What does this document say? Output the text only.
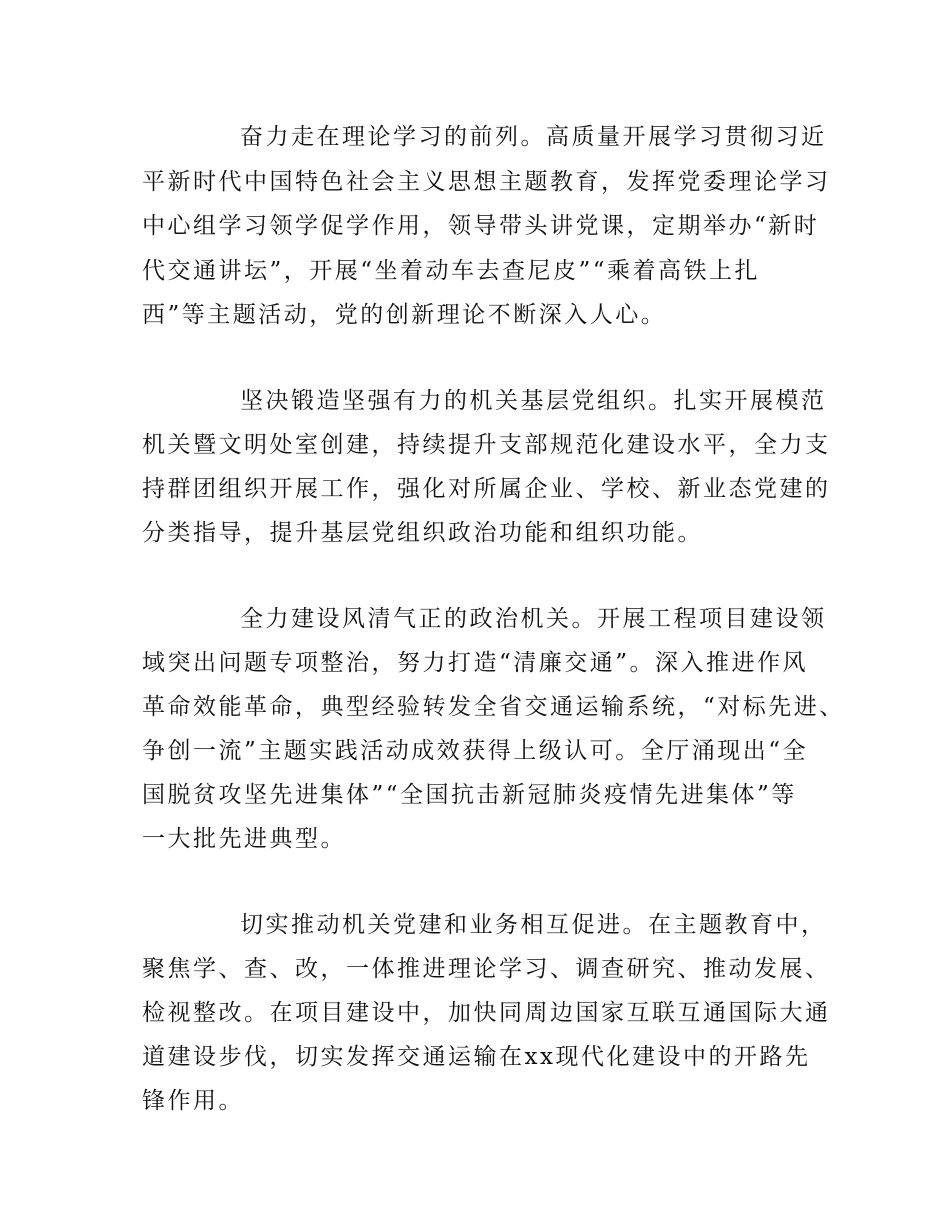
奋力走在理论学习的前列。高质量开展学习贯彻习近
平新时代中国特色社会主义思想主题教育，发挥党委理论学习
中心组学习领学促学作用，领导带头讲党课，定期举办“新时
代交通讲坛”，开展“坐着动车去查尼皮”“乘着高铁上扎
西”等主题活动，党的创新理论不断深入人心。
坚决锻造坚强有力的机关基层党组织。扎实开展模范
机关暨文明处室创建，持续提升支部规范化建设水平，全力支
持群团组织开展工作，强化对所属企业、学校、新业态党建的
分类指导，提升基层党组织政治功能和组织功能。
全力建设风清气正的政治机关。开展工程项目建设领
域突出问题专项整治，努力打造“清廉交通”。深入推进作风
革命效能革命，典型经验转发全省交通运输系统，“对标先进、
争创一流”主题实践活动成效获得上级认可。全厅涌现出“全
国脱贫攻坚先进集体”“全国抗击新冠肺炎疫情先进集体”等
一大批先进典型。
切实推动机关党建和业务相互促进。在主题教育中，
聚焦学、查、改，一体推进理论学习、调查研究、推动发展、
检视整改。在项目建设中，加快同周边国家互联互通国际大通
道建设步伐，切实发挥交通运输在xx现代化建设中的开路先
锋作用。
